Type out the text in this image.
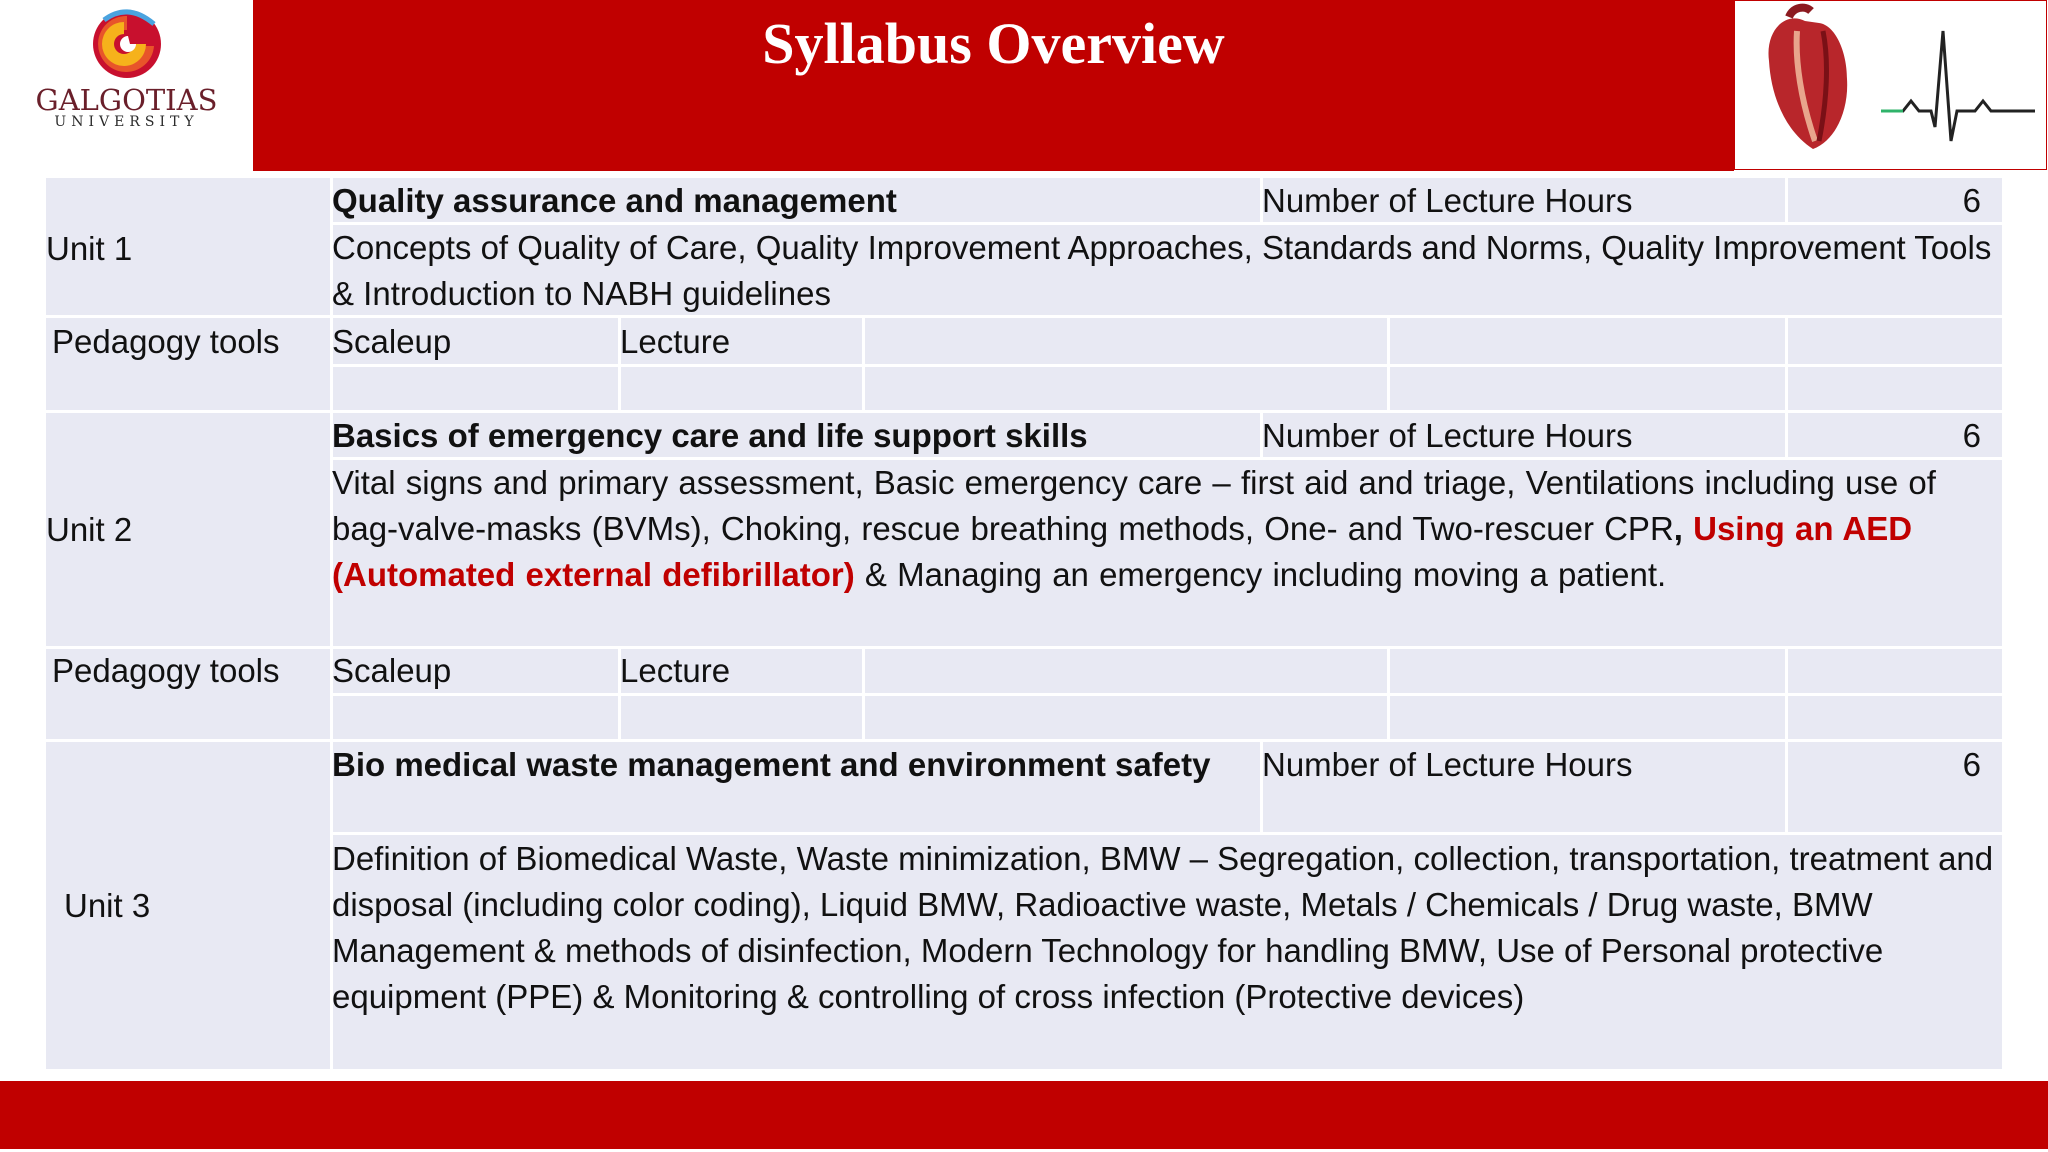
GALGOTIAS
UNIVERSITY
Syllabus Overview
Unit 1
Quality assurance and management	Number of Lecture Hours	6
Concepts of Quality of Care, Quality Improvement Approaches, Standards and Norms, Quality Improvement Tools & Introduction to NABH guidelines
Pedagogy tools Scaleup	Lecture
Unit 2
Basics of emergency care and life support skills	Number of Lecture Hours	6
Vital signs and primary assessment, Basic emergency care – first aid and triage, Ventilations including use of bag-valve-masks (BVMs), Choking, rescue breathing methods, One- and Two-rescuer CPR, Using an AED (Automated external defibrillator) & Managing an emergency including moving a patient.
Pedagogy tools Scaleup	Lecture
Unit 3
Bio medical waste management and environment safety Number of Lecture Hours	6
Definition of Biomedical Waste, Waste minimization, BMW – Segregation, collection, transportation, treatment and disposal (including color coding), Liquid BMW, Radioactive waste, Metals / Chemicals / Drug waste, BMW Management & methods of disinfection, Modern Technology for handling BMW, Use of Personal protective equipment (PPE) & Monitoring & controlling of cross infection (Protective devices)
